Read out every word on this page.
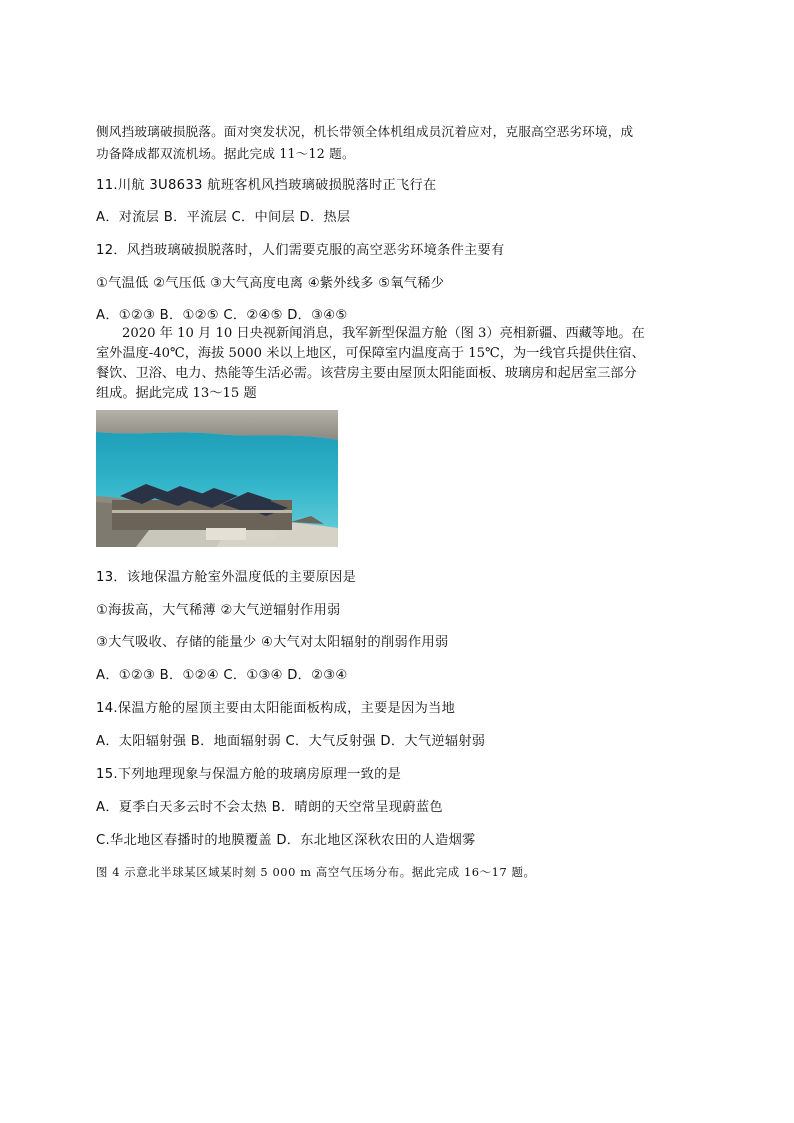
侧风挡玻璃破损脱落。面对突发状况，机长带领全体机组成员沉着应对，克服高空恶劣环境，成

功备降成都双流机场。据此完成 11～12 题。

11.川航 3U8633 航班客机风挡玻璃破损脱落时正飞行在

A．对流层 B．平流层 C．中间层 D．热层

12．风挡玻璃破损脱落时，人们需要克服的高空恶劣环境条件主要有

①气温低 ②气压低 ③大气高度电离 ④紫外线多 ⑤氧气稀少

A．①②③ B．①②⑤ C．②④⑤ D．③④⑤

2020 年 10 月 10 日央视新闻消息，我军新型保温方舱（图 3）亮相新疆、西藏等地。在

室外温度-40℃，海拔 5000 米以上地区，可保障室内温度高于 15℃，为一线官兵提供住宿、

餐饮、卫浴、电力、热能等生活必需。该营房主要由屋顶太阳能面板、玻璃房和起居室三部分

组成。据此完成 13～15 题

13．该地保温方舱室外温度低的主要原因是

①海拔高，大气稀薄 ②大气逆辐射作用弱

③大气吸收、存储的能量少 ④大气对太阳辐射的削弱作用弱

A．①②③ B．①②④ C．①③④ D．②③④

14.保温方舱的屋顶主要由太阳能面板构成，主要是因为当地

A．太阳辐射强 B．地面辐射弱 C．大气反射强 D．大气逆辐射弱

15.下列地理现象与保温方舱的玻璃房原理一致的是

A．夏季白天多云时不会太热 B．晴朗的天空常呈现蔚蓝色

C.华北地区春播时的地膜覆盖 D．东北地区深秋农田的人造烟雾

图 4 示意北半球某区域某时刻 5 000 m 高空气压场分布。据此完成 16～17 题。
